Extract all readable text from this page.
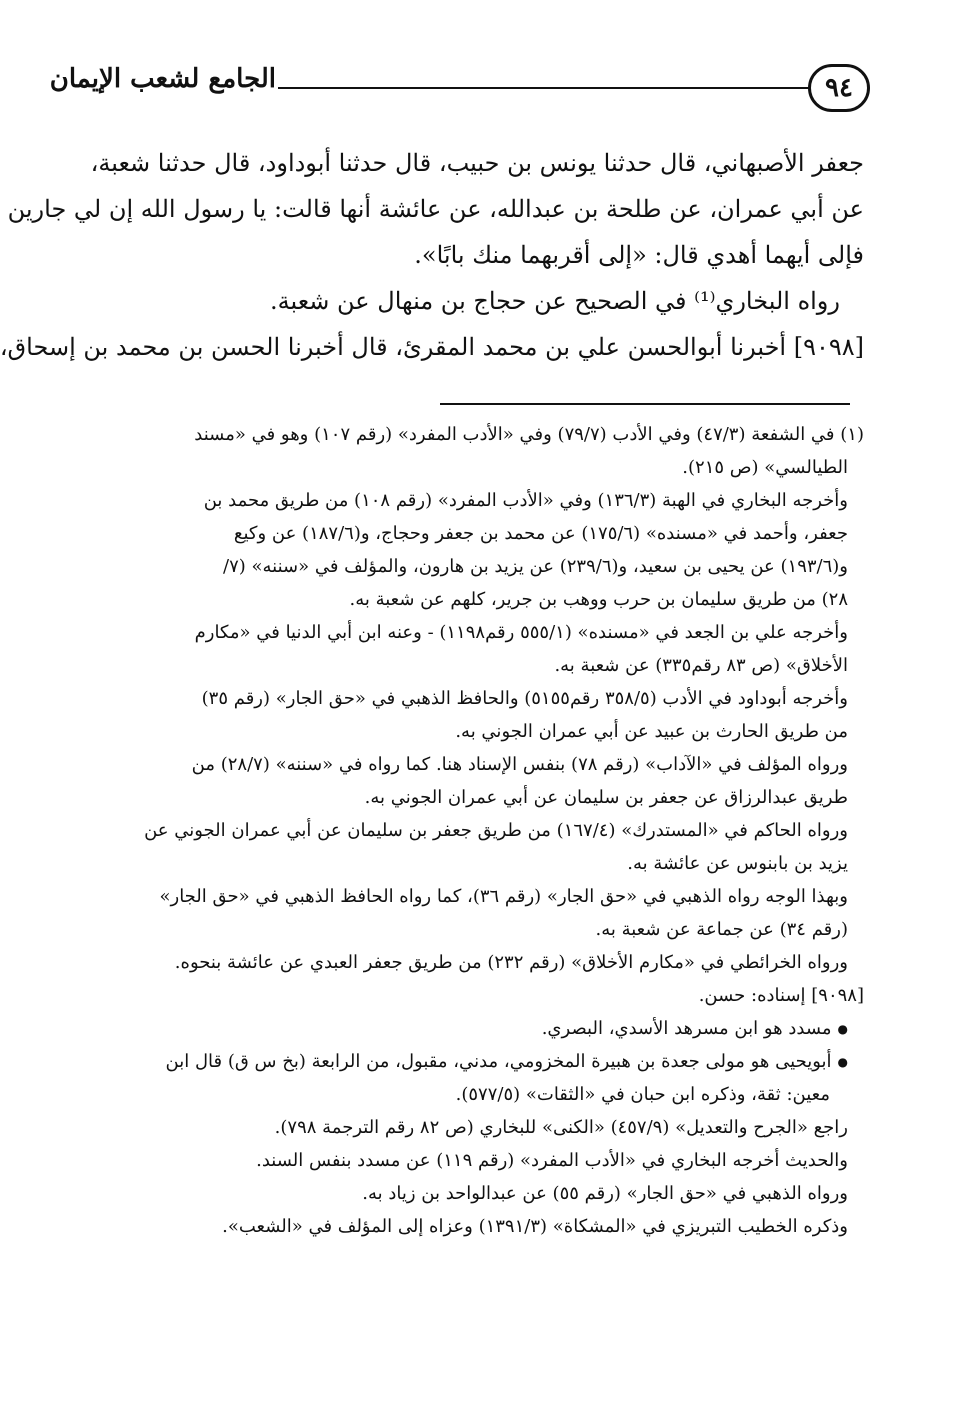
٩٤
الجامع لشعب الإيمان
جعفر الأصبهاني، قال حدثنا يونس بن حبيب، قال حدثنا أبوداود، قال حدثنا شعبة،
عن أبي عمران، عن طلحة بن عبدالله، عن عائشة أنها قالت: يا رسول الله إن لي جارين
فإلى أيهما أهدي قال: «إلى أقربهما منك بابًا».
رواه البخاري⁽¹⁾ في الصحيح عن حجاج بن منهال عن شعبة.
[٩٠٩٨] أخبرنا أبوالحسن علي بن محمد المقرئ، قال أخبرنا الحسن بن محمد بن إسحاق،
(١) في الشفعة (٤٧/٣) وفي الأدب (٧٩/٧) وفي «الأدب المفرد» (رقم ١٠٧) وهو في «مسند
الطيالسي» (ص ٢١٥).
وأخرجه البخاري في الهبة (١٣٦/٣) وفي «الأدب المفرد» (رقم ١٠٨) من طريق محمد بن
جعفر، وأحمد في «مسنده» (١٧٥/٦) عن محمد بن جعفر وحجاج، و(١٨٧/٦) عن وكيع
و(١٩٣/٦) عن يحيى بن سعيد، و(٢٣٩/٦) عن يزيد بن هارون، والمؤلف في «سننه» (٧/
٢٨) من طريق سليمان بن حرب ووهب بن جرير، كلهم عن شعبة به.
وأخرجه علي بن الجعد في «مسنده» (٥٥٥/١ رقم١١٩٨) - وعنه ابن أبي الدنيا في «مكارم
الأخلاق» (ص ٨٣ رقم٣٣٥) عن شعبة به.
وأخرجه أبوداود في الأدب (٣٥٨/٥ رقم٥١٥٥) والحافظ الذهبي في «حق الجار» (رقم ٣٥)
من طريق الحارث بن عبيد عن أبي عمران الجوني به.
ورواه المؤلف في «الآداب» (رقم ٧٨) بنفس الإسناد هنا. كما رواه في «سننه» (٢٨/٧) من
طريق عبدالرزاق عن جعفر بن سليمان عن أبي عمران الجوني به.
ورواه الحاكم في «المستدرك» (١٦٧/٤) من طريق جعفر بن سليمان عن أبي عمران الجوني عن
يزيد بن بابنوس عن عائشة به.
وبهذا الوجه رواه الذهبي في «حق الجار» (رقم ٣٦)، كما رواه الحافظ الذهبي في «حق الجار»
(رقم ٣٤) عن جماعة عن شعبة به.
ورواه الخرائطي في «مكارم الأخلاق» (رقم ٢٣٢) من طريق جعفر العبدي عن عائشة بنحوه.
[٩٠٩٨] إسناده: حسن.
● مسدد هو ابن مسرهد الأسدي، البصري.
● أبويحيى هو مولى جعدة بن هبيرة المخزومي، مدني، مقبول، من الرابعة (بخ س ق) قال ابن
معين: ثقة، وذكره ابن حبان في «الثقات» (٥٧٧/٥).
راجع «الجرح والتعديل» (٤٥٧/٩) «الكنى» للبخاري (ص ٨٢ رقم الترجمة ٧٩٨).
والحديث أخرجه البخاري في «الأدب المفرد» (رقم ١١٩) عن مسدد بنفس السند.
ورواه الذهبي في «حق الجار» (رقم ٥٥) عن عبدالواحد بن زياد به.
وذكره الخطيب التبريزي في «المشكاة» (١٣٩١/٣) وعزاه إلى المؤلف في «الشعب».
